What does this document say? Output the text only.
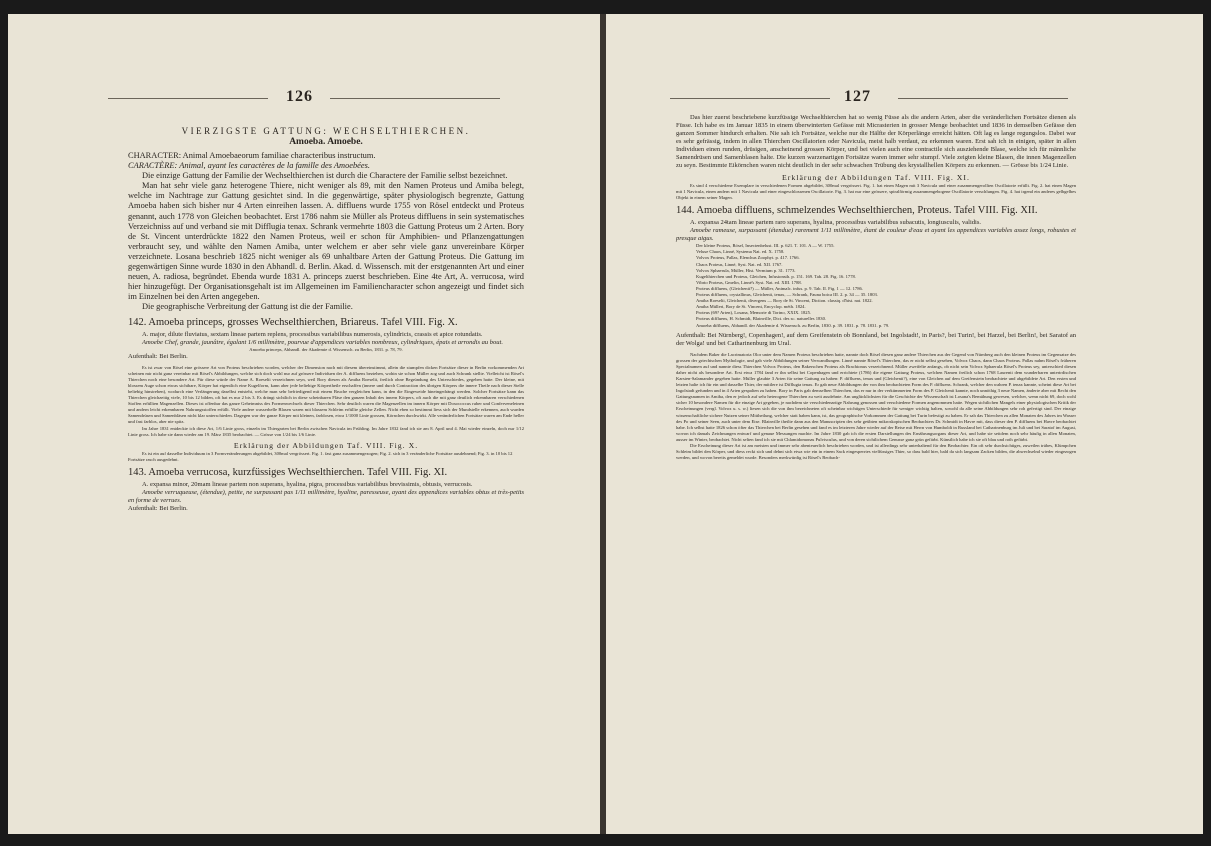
126

VIERZIGSTE GATTUNG: WECHSELTHIERCHEN.

Amoeba. Amoebe.

CHARACTER: Animal Amoebaeorum familiae characteribus instructum.

CARACTÈRE: Animal, ayant les caractères de la famille des Amoebées.

Die einzige Gattung der Familie der Wechselthierchen ist durch die Charactere der Familie selbst bezeichnet.

Man hat sehr viele ganz heterogene Thiere, nicht weniger als 89, mit den Namen Proteus und Amiba belegt, welche im Nachtrage zur Gattung gesichtet sind. In die gegenwärtige, später physiologisch begrenzte, Gattung Amoeba haben sich bisher nur 4 Arten einreihen lassen. A. diffluens wurde 1755 von Rösel entdeckt und Proteus genannt, auch 1778 von Gleichen beobachtet. Erst 1786 nahm sie Müller als Proteus diffluens in sein systematisches Verzeichniss auf und verband sie mit Difflugia tenax. Schrank vermehrte 1803 die Gattung Proteus um 2 Arten. Bory de St. Vincent unterdrückte 1822 den Namen Proteus, weil er schon für Amphibien- und Pflanzengattungen verbraucht sey, und wählte den Namen Amiba, unter welchem er aber sehr viele ganz unvereinbare Körper verzeichnete. Losana beschrieb 1825 nicht weniger als 69 unhaltbare Arten der Gattung Proteus. Die Gattung im gegenwärtigen Sinne wurde 1830 in den Abhandl. d. Berlin. Akad. d. Wissensch. mit der erstgenannten Art und einer neuen, A. radiosa, begründet. Ebenda wurde 1831 A. princeps zuerst beschrieben. Eine 4te Art, A. verrucosa, wird hier hinzugefügt. Der Organisationsgehalt ist im Allgemeinen im Familiencharacter schon angezeigt und findet sich im Einzelnen bei den Arten angegeben.

Die geographische Verbreitung der Gattung ist die der Familie.

142. Amoeba princeps, grosses Wechselthierchen, Briareus. Tafel VIII. Fig. X.

A. major, dilute fluviatus, sextam lineae partem replens, processibus variabilibus numerosis, cylindricis, crassis et apice rotundatis.

Amoebe Chef, grande, jaunâtre, égalant 1/6 millimètre, pourvue d'appendices variables nombreux, cylindriques, épais et arrondis au bout.

Amoeba princeps, Abhandl. der Akademie d. Wissensch. zu Berlin, 1831. p. 78, 79.

Aufenthalt: Bei Berlin.

Es ist zwar von Rösel eine grössere Art von Proteus beschrieben worden, welcher der Dimension nach mit diesem übereinstimmt, allein die stumpfen dicken Fortsätze dieser in Berlin vorkommenden Art scheinen mir nicht ganz vereinbar mit Rösel's Abbildungen, welche sich doch wohl nur auf grössere Individuen der A. diffluens beziehen, wohin sie schon Müller zog und auch Schrank stellte. Vielleicht ist Rösel's Thierchen noch eine besondere Art. Für diese würde der Name A. Roeselii verzeichnen seyn, weil Bory diesen als Amiba Roeselii, freilich ohne Begründung des Unterschiedes, gegeben hatte. Der kleine, mit blossem Auge schon etwas sichtbare, Körper hat eigentlich eine Kugelform, kann aber jede beliebige Körpertheile erschaffen (innere und durch Contraction des übrigen Körpers die innere Theile nach dieser Stelle beliebig hinstreben), wodurch eine Verlängerung daselbst entsteht, welche man sehr befriedigend mit einem Bruche vergleichen kann, in den die Eingeweide hineingedrängt werden. Solcher Fortsätze kann das Thierchen gleichzeitig viele, 10 bis 12 bilden, oft hat es nur 2 bis 3. Es drängt sichtlich in diese scheinbaren Fläse den ganzen Inhalt des innern Körpers, oft auch die mit ganz deutlich erkennbaren verschiedenen Stoffen erfüllten Magenzellen. Dieses ist offenbar das ganze Geheimniss des Formenwechsels dieser Thierchen. Sehr deutlich waren die Magenzellen im innern Körper mit Doxococcus ruber und Conferveneleinen und andern leicht erkennbaren Nahrungsstoffen erfüllt. Viele andere wasserhelle Blasen waren mit blassem Schleim erfüllte gleiche Zellen. Nicht eben so bestimmt liess sich der Mundstelle erkennen, auch wurden Samendrüsen und Samenbläsen nicht klar unterschieden. Dagegen war der ganze Körper mit kleinen, farblosen, etwa 1/1000 Linie grossen, Körnchen durchwirkt. Alle veränderlichen Fortsätze waren am Ende heller und fast farblos, aber nie spitz.

Im Jahre 1831 entdeckte ich diese Art, 1/6 Linie gross, einzeln im Thiergarten bei Berlin zwischen Navicula im Frühling. Im Jahre 1832 fand ich sie am 8. April und 4. Mai wieder einzeln, doch nur 1/12 Linie gross. Ich habe sie dann wieder am 19. März 1835 beobachtet. — Grösse von 1/24 bis 1/6 Linie.

Erklärung der Abbildungen Taf. VIII. Fig. X.

Es ist ein auf dasselbe Individuum in 3 Formveränderungen abgebildet, 300mal vergrössert. Fig. 1. fast ganz zusammengezogen; Fig. 2. sich in 3 veränderliche Fortsätze ausdehnend; Fig. 3. in 10 bis 12 Fortsätze rasch ausgedehnt.

143. Amoeba verrucosa, kurzfüssiges Wechselthierchen. Tafel VIII. Fig. XI.

A. expansa minor, 20mam lineae partem non superans, hyalina, pigra, processibus variabilibus brevissimis, obtusis, verrucosis.

Amoebe verruqueuse, (étendue), petite, ne surpassant pas 1/11 millimètre, hyaline, paresseuse, ayant des appendices variables obtus et très-petits en forme de verrues.

Aufenthalt: Bei Berlin.

127

Das hier zuerst beschriebene kurzfüssige Wechselthierchen hat so wenig Füsse als die andern Arten, aber die veränderlichen Fortsätze dienen als Füsse. Ich habe es im Januar 1835 in einem überwinterten Gefässe mit Micrasterien in grosser Menge beobachtet und 1836 in demselben Gefässe den ganzen Sommer hindurch erhalten. Nie sah ich Fortsätze, welche nur die Hälfte der Körperlänge erreicht hätten. Oft lag es lange regungslos. Dabei war es sehr gefrässig, indem in allen Thierchen Oscillatorien oder Navicula, meist halb verdaut, zu erkennen waren. Erst sah ich in einigen, später in allen Individuen einen runden, drüsigen, anscheinend grossen Körper, und bei vielen auch eine contractile sich ausziehende Blase, welche ich für männliche Samendrüsen und Samenblasen halte. Die kurzen warzenartigen Fortsätze waren immer sehr stumpf. Viele zeigten kleine Blasen, die innen Magenzellen zu seyn. Bestimmte Eikörnchen waren nicht deutlich in der sehr schwachen Trübung des krystallhellen Körpers zu erkennen. — Grösse bis 1/24 Linie.

Erklärung der Abbildungen Taf. VIII. Fig. XI.

Es sind 4 verschiedene Exemplare in verschiedenen Formen abgebildet, 300mal vergrössert. Fig. 1. hat einen Magen mit 3 Navicula und einer zusammengerollten Oscillatorie erfüllt. Fig. 2. hat einen Magen mit 1 Navicula, einen andern mit 1 Navicula und einer eingeschlossenen Oscillatorie. Fig. 3. hat nur eine grössere, spiralförmig zusammengebogene Oscillatorie verschlungen. Fig. 4. hat irgend ein anderes gelbgelbes Objekt in einem seiner Magen.

144. Amoeba diffluens, schmelzendes Wechselthierchen, Proteus. Tafel VIII. Fig. XII.

A. expansa 24tam lineae partem raro superans, hyalina, processibus variabilibus subacutis, longiusculis, validis.

Amoebe rameuse, surpassant (étendue) rarement 1/11 millimètre, étant de couleur d'eau et ayant les appendices variables assez longs, robustes et presque aigus.

Der kleine Proteus, Rösel, Insectenbelust. III. p. 621. T. 101. A — W. 1755.

Veluse Chaos, Linné, Systema Nat. ed. X. 1758.

Volvox Proteus, Pallas, Elenchus Zoophyt. p. 417. 1766.

Chaos Proteus, Linné, Syst. Nat. ed. XII. 1767.

Volvox Sphaerula, Müller, Hist. Vermium p. 31. 1773.

Kugelthierchen und Proteus, Gleichen, Infusionsth. p. 151. 169. Tab. 28. Fig. 16. 1778.

Vibrio Proteus, Gmelin, Linné's Syst. Nat. ed. XIII. 1788.

Proteus diffluens, (Gleichenii?) — Müller, Animalc. infus. p. 9. Tab. II. Fig. 1 — 12. 1786.

Proteus diffluens, crystallinus, Gleichenii, tenax, — Schrank, Fauna boica III. 2. p. 34 — 35. 1803.

Amiba Roeselii, Gleichenii, divergens — Bory de St. Vincent, Diction. classiq. d'hist. nat. 1822.

Amiba Mülleri, Bory de St. Vincent, Encyclop. méth. 1824.

Proteus (69? Arten), Losana, Memorie di Torino, XXIX. 1825.

Proteus diffluens, H. Schmidt, Blainville, Dict. des sc. naturelles 1830.

Amoeba diffluens, Abhandl. der Akademie d. Wissensch. zu Berlin, 1830. p. 39. 1831. p. 78. 1831. p. 79.

Aufenthalt: Bei Nürnberg!, Copenhagen!, auf dem Greifenstein ob Bonnland, bei Ingolstadt!, in Paris?, bei Turin!, bei Harzel, bei Berlin!, bei Saratof an der Wolga! und bei Catharinenburg im Ural.

Nachdem Baker die Lacrimatoria Olor unter dem Namen Proteus beschrieben hatte, nannte doch Rösel diesen ganz andere Thierchen aus der Gegend von Nürnberg auch den kleinen Proteus im Gegensatze des grossen der griechischen Mythologie, und gab viele Abbildungen seiner Verwandlungen. Linné nannte Rösel's Thierchen, das er nicht selbst gesehen, Volvox Chaos, dann Chaos Proteus. Pallas nahm Rösel's früheren Specialnamen auf und nannte diess Thierchen Volvox Proteus, den Bakerschen Proteus als Brachionus verzeichnend. Müller zweifelte anfangs, ob nicht sein Volvox Sphaerula Rösel's Proteus sey, unterschied diesen daher nicht als besondere Art. Erst etwa 1784 fand er ihn selbst bei Copenhagen und errichtete (1786) die eigene Gattung Proteus, welchen Namen freilich schon 1768 Laurenti dem wunderbaren unterirdischen Karsten-Salamander gegeben hatte. Müller glaubte 3 Arten für seine Gattung zu haben: P. diffluens, tenax und (Gleichenii?), eine von Gleichen auf dem Greifenstein beobachtete und abgebildete Art. Den ersten und letzten halte ich für ein und dasselbe Thier, der mittlere ist Difflugia tenax. Er gab neue Abbildungen der von ihm beobachteten Form des P. diffluens. Schrank, welcher den wahren P. tenax kannte, scheint diese Art bei Ingolstadt gefunden und in 4 Arten gespalten zu haben. Bory in Paris gab demselben Thierchen, das er nur in der verkümmerten Form des P. Gleichenii kannte, noch unnöthig 3 neue Namen, änderte aber mit Recht den Gattungsnamen in Amiba, den er jedoch auf sehr heterogene Thierchen zu weit ausdehnte. Am unglücklichsten für die Geschichte der Wissenschaft ist Losana's Bemühung gewesen, welcher, wenn nicht 69, doch wohl sicher 10 besondere Namen für die einzige Art gegeben, je nachdem sie verschiedenartige Nahrung genossen und verschiedene Formen angenommen hatte. Wegen sichtlichen Mangels einer physiologischen Kritik der Erscheinungen (vergl. Volvox u. s. w.) liesen sich die von ihm bezeichneten oft scheinbar wichtigen Unterschiede für weniger wichtig halten, sowohl da alle seine Abbildungen sehr roh gefertigt sind. Der einzige wissenschaftliche sichere Nutzen seiner Mittheilung, welcher statt haben kann, ist, das geographische Vorkommen der Gattung bei Turin befestigt zu haben. Er sah das Thierchen zu allen Monaten des Jahres im Wasser des Po und seiner Seen, auch unter dem Eise. Blainville theilte dann aus den Manuscripten des sehr geübten mikroskopischen Beobachters Dr. Schmidt in Havre mit, dass dieser den P. diffluens bei Havre beobachtet habe. Ich selbst hatte 1826 schon öfter das Thierchen bei Berlin gesehen und fand es im letzteren Jahre wieder auf der Reise mit Herrn von Humboldt in Russland bei Catharinenburg im Juli und bei Saratof im August, wovon ich damals Zeichnungen entwarf und genaue Messungen machte. Im Jahre 1830 gab ich die ersten Darstellungen des Ernährungsorgans dieser Art, und habe sie seitdem noch sehr häufig in allen Monaten, ausser im Winter, beobachtet. Nicht selten fand ich sie mit Chlamidomonas Pulvisculus, und von deren sichtlichem Genusse ganz grün gefärbt. Künstlich habe ich sie oft blau und roth gefärbt.

Die Erscheinung dieser Art ist am meisten und immer sehr abenteuerlich beschrieben worden, und ist allerdings sehr unterhaltend für den Beobachter. Ein oft sehr durchsichtiges, zuweilen trübes, Klümpchen Schleim bildet den Körper, und diess reckt sich und dehnt sich etwa wie ein in einem Sack eingesperrtes vielfüssiges Thier, so dass bald hier, bald da sich langsam Zacken bilden, die abwechselnd wieder eingezogen werden, und wovon bereits gemeldet wurde. Besonders merkwürdig ist Rösel's Beobach-
